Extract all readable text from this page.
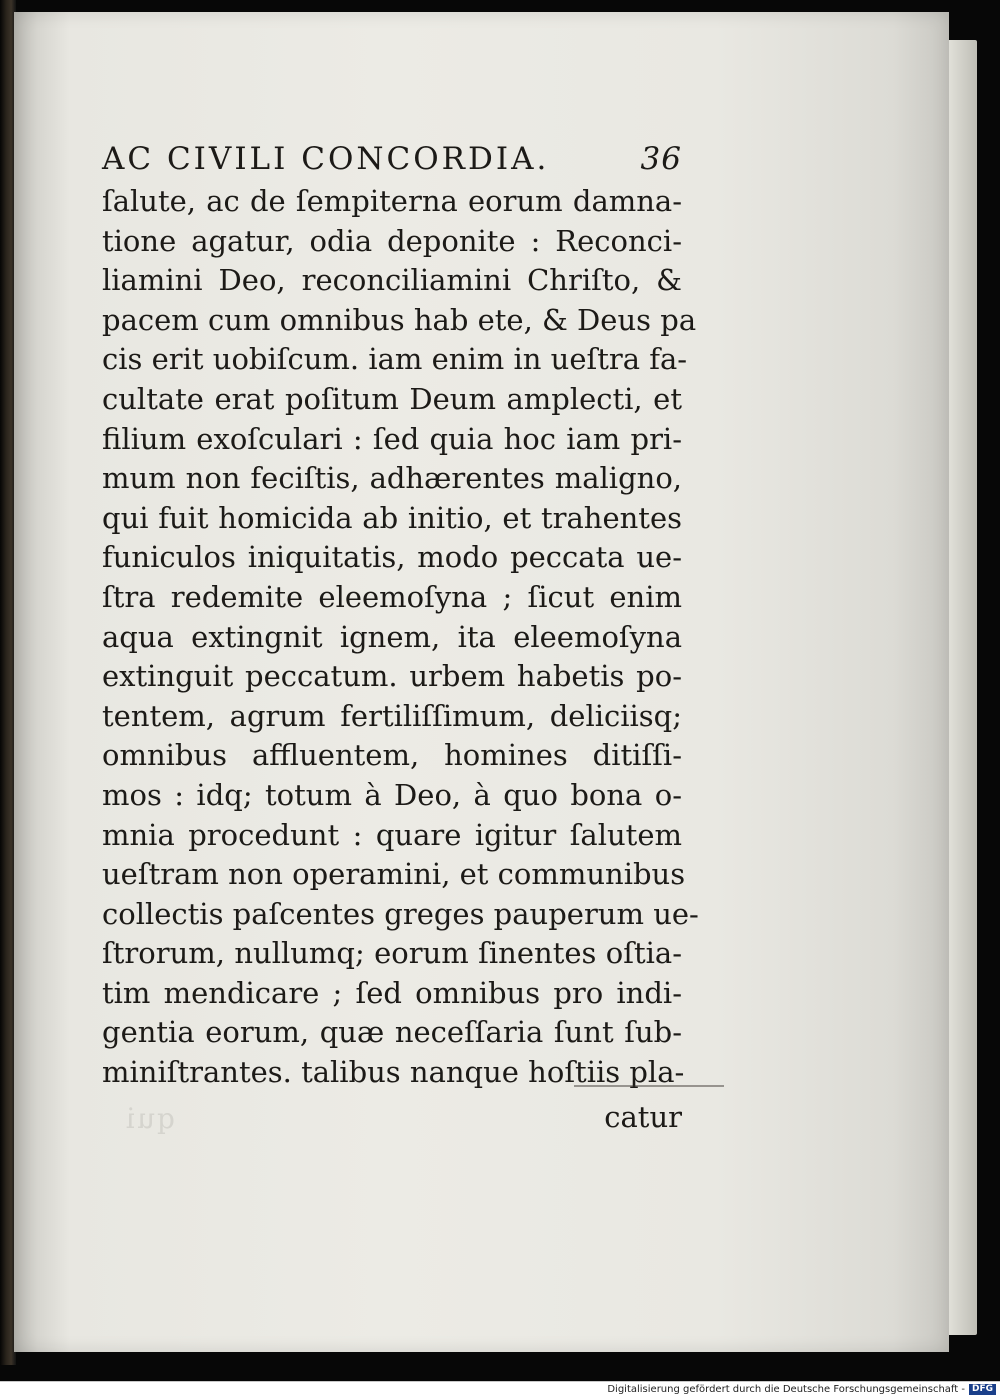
qui
AC CIVILI CONCORDIA.	36
ſalute, ac de ſempiterna eorum damna-
tione agatur, odia deponite : Reconci-
liamini Deo, reconciliamini Chriſto, &
pacem cum omnibus hab ete, & Deus pa
cis erit uobiſcum. iam enim in ueſtra fa-
cultate erat poſitum Deum amplecti, et
filium exoſculari : ſed quia hoc iam pri-
mum non feciſtis, adhærentes maligno,
qui fuit homicida ab initio, et trahentes
funiculos iniquitatis, modo peccata ue-
ſtra redemite eleemoſyna ; ſicut enim
aqua extingnit ignem, ita eleemoſyna
extinguit peccatum. urbem habetis po-
tentem, agrum fertiliſſimum, deliciisq;
omnibus affluentem, homines ditiſſi-
mos : idq; totum à Deo, à quo bona o-
mnia procedunt : quare igitur ſalutem
ueſtram non operamini, et communibus
collectis paſcentes greges pauperum ue-
ſtrorum, nullumq; eorum ſinentes oſtia-
tim mendicare ; ſed omnibus pro indi-
gentia eorum, quæ neceſſaria ſunt ſub-
miniſtrantes. talibus nanque hoſtiis pla-
catur
Digitalisierung gefördert durch die Deutsche Forschungsgemeinschaft - DFG
